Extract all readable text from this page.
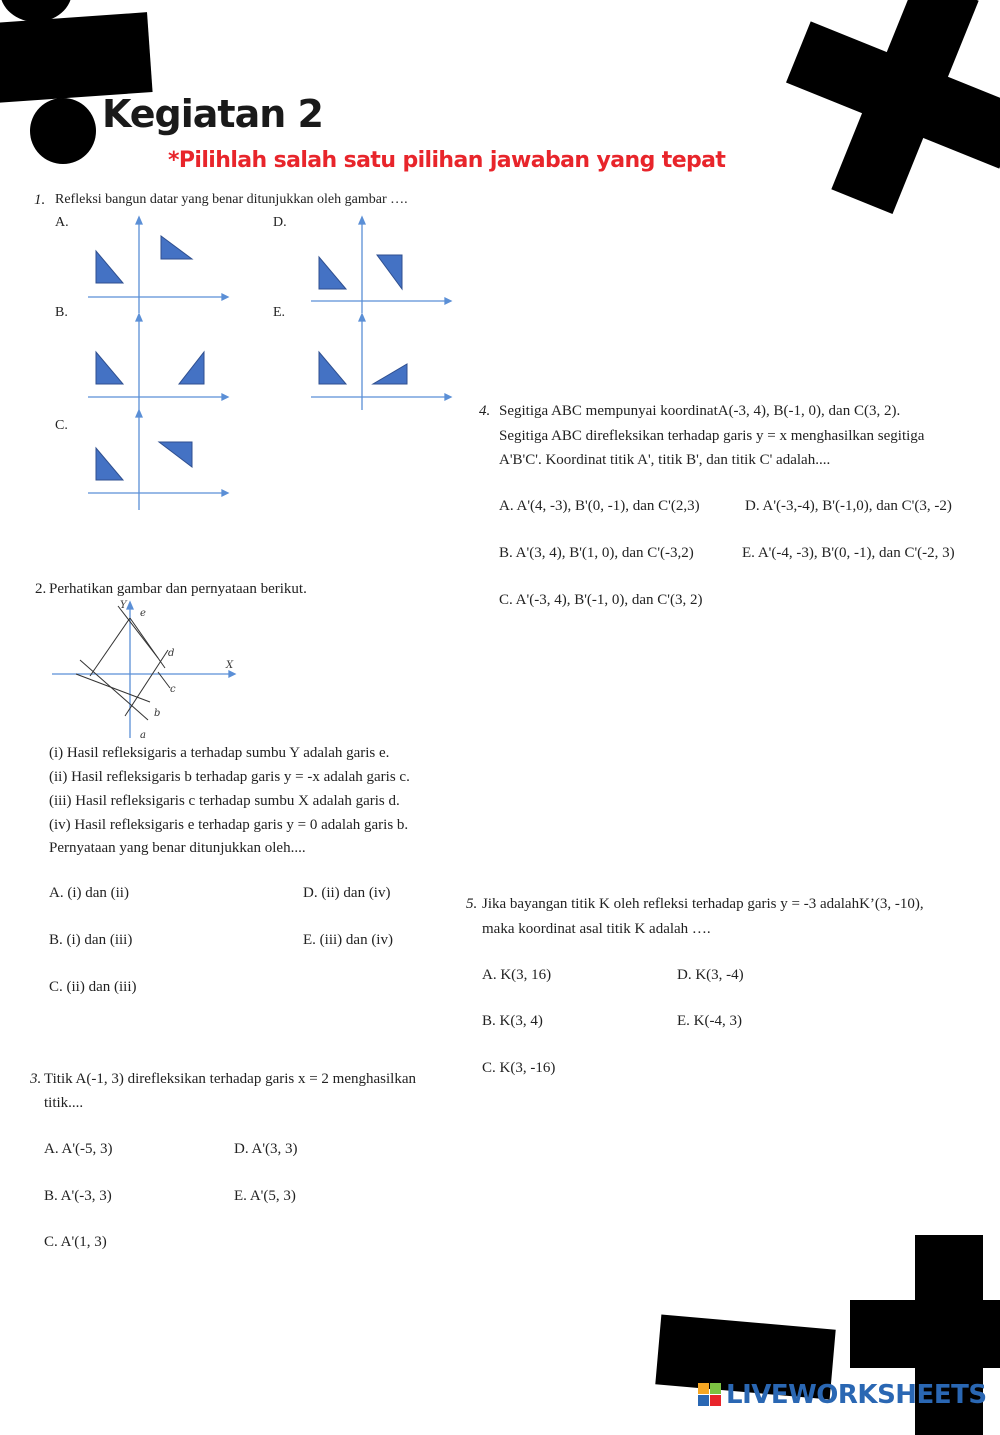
Kegiatan 2
*Pilihlah salah satu pilihan jawaban yang tepat
1. Refleksi bangun datar yang benar ditunjukkan oleh gambar ….
A.	D.
B.	E.
C.
4. Segitiga ABC mempunyai koordinatA(-3, 4), B(-1, 0), dan C(3, 2).
Segitiga ABC direfleksikan terhadap garis y = x menghasilkan segitiga
A'B'C'. Koordinat titik A', titik B', dan titik C' adalah....
A. A'(4, -3), B'(0, -1), dan C'(2,3)	D. A'(-3,-4), B'(-1,0), dan C'(3, -2)
B. A'(3, 4), B'(1, 0), dan C'(-3,2)	E. A'(-4, -3), B'(0, -1), dan C'(-2, 3)
C. A'(-3, 4), B'(-1, 0), dan C'(3, 2)
2. Perhatikan gambar dan pernyataan berikut.
Y
e
d
X
c
b
a
(i) Hasil refleksigaris a terhadap sumbu Y adalah garis e.
(ii) Hasil refleksigaris b terhadap garis y = -x adalah garis c.
(iii) Hasil refleksigaris c terhadap sumbu X adalah garis d.
(iv) Hasil refleksigaris e terhadap garis y = 0 adalah garis b.
Pernyataan yang benar ditunjukkan oleh....
A. (i) dan (ii)	D. (ii) dan (iv)
B. (i) dan (iii)	E. (iii) dan (iv)
C. (ii) dan (iii)
5. Jika bayangan titik K oleh refleksi terhadap garis y = -3 adalahK’(3, -10),
maka koordinat asal titik K adalah ….
A. K(3, 16)	D. K(3, -4)
B. K(3, 4)	E. K(-4, 3)
C. K(3, -16)
3. Titik A(-1, 3) direfleksikan terhadap garis x = 2 menghasilkan
titik....
A. A'(-5, 3)	D. A'(3, 3)
B. A'(-3, 3)	E. A'(5, 3)
C. A'(1, 3)
LIVEWORKSHEETS
